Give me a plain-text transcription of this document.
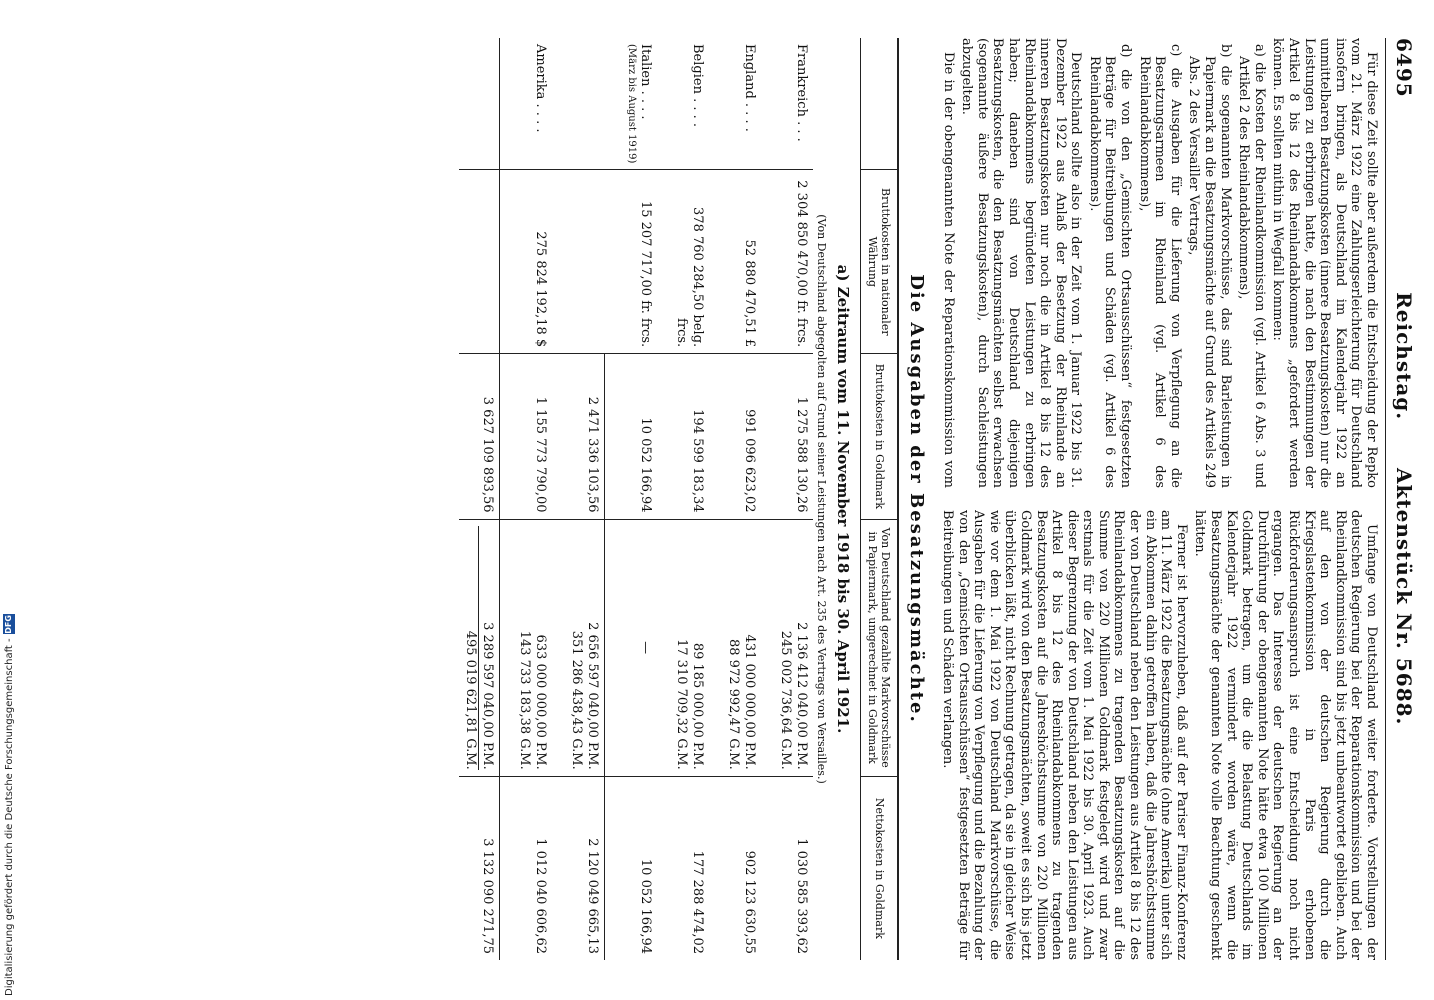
6495
Reichstag.      Aktenstück Nr. 5688.

Für diese Zeit sollte aber außerdem die Entscheidung der Repko vom 21. März 1922 eine Zahlungserleichterung für Deutschland insofern bringen, als Deutschland im Kalenderjahr 1922 an unmittelbaren Besatzungskosten (innere Besatzungskosten) nur die Leistungen zu erbringen hatte, die nach den Bestimmungen der Artikel 8 bis 12 des Rheinlandabkommens „gefordert werden können. Es sollten mithin in Wegfall kommen:

a) die Kosten der Rheinlandkommission (vgl. Artikel 6 Abs. 3 und Artikel 2 des Rheinlandabkommens),

b) die sogenannten Markvorschüsse, das sind Barleistungen in Papiermark an die Besatzungsmächte auf Grund des Artikels 249 Abs. 2 des Versailler Vertrags,

c) die Ausgaben für die Lieferung von Verpflegung an die Besatzungsarmeen im Rheinland (vgl. Artikel 6 des Rheinlandabkommens),

d) die von den „Gemischten Ortsausschüssen“ festgesetzten Beträge für Beitreibungen und Schäden (vgl. Artikel 6 des Rheinlandabkommens).

Deutschland sollte also in der Zeit vom 1. Januar 1922 bis 31. Dezember 1922 aus Anlaß der Besetzung der Rheinlande an inneren Besatzungskosten nur noch die in Artikel 8 bis 12 des Rheinlandabkommens begründeten Leistungen zu erbringen haben; daneben sind von Deutschland diejenigen Besatzungskosten, die den Besatzungsmächten selbst erwachsen (sogenannte äußere Besatzungskosten), durch Sachleistungen abzugelten.

Die in der obengenannten Note der Reparationskommission vom

Umfange von Deutschland weiter forderte. Vorstellungen der deutschen Regierung bei der Reparationskommission und bei der Rheinlandkommission sind bis jetzt unbeantwortet geblieben. Auch auf den von der deutschen Regierung durch die Kriegslastenkommission in Paris erhobenen Rückforderungsanspruch ist eine Entscheidung noch nicht ergangen. Das Interesse der deutschen Regierung an der Durchführung der obengenannten Note hätte etwa 100 Millionen Goldmark betragen, um die die Belastung Deutschlands im Kalenderjahr 1922 vermindert worden wäre, wenn die Besatzungsmächte der genannten Note volle Beachtung geschenkt hätten.

Ferner ist hervorzuheben, daß auf der Pariser Finanz-Konferenz am 11. März 1922 die Besatzungsmächte (ohne Amerika) unter sich ein Abkommen dahin getroffen haben, daß die Jahreshöchstsumme der von Deutschland neben den Leistungen aus Artikel 8 bis 12 des Rheinlandabkommens zu tragenden Besatzungskosten auf die Summe von 220 Millionen Goldmark festgelegt wird und zwar erstmals für die Zeit vom 1. Mai 1922 bis 30. April 1923. Auch dieser Begrenzung der von Deutschland neben den Leistungen aus Artikel 8 bis 12 des Rheinlandabkommens zu tragenden Besatzungskosten auf die Jahreshöchstsumme von 220 Millionen Goldmark wird von den Besatzungsmächten, soweit es sich bis jetzt überblicken läßt, nicht Rechnung getragen, da sie in gleicher Weise wie vor dem 1. Mai 1922 von Deutschland Markvorschüsse, die Ausgaben für die Lieferung von Verpflegung und die Bezahlung der von den „Gemischten Ortsausschüssen“ festgesetzten Beträge für Beitreibungen und Schäden verlangen.

Die Ausgaben der Besatzungsmächte.
	Bruttokosten in nationaler Währung	Bruttokosten in Goldmark	Von Deutschland gezahlte Markvorschüsse in Papiermark, umgerechnet in Goldmark	Nettokosten in Goldmark
a) Zeitraum vom 11. November 1918 bis 30. April 1921.				
(Von Deutschland abgegolten auf Grund seiner Leistungen nach Art. 235 des Vertrags von Versailles.)				
Frankreich . . .	2 304 850 470,00 fr. frcs.	1 275 588 130,26	2 136 412 040,00 P.M.
245 002 736,64 G.M.	1 030 585 393,62
England . . . .	52 880 470,51 £	991 096 623,02	431 000 000,00 P.M.
88 972 992,47 G.M.	902 123 630,55
Belgien . . . .	378 760 284,50 belg. frcs.	194 599 183,34	89 185 000,00 P.M.
17 310 709,32 G.M.	177 288 474,02
Italien . . . .
(März bis August 1919)	15 207 717,00 fr. frcs.	10 052 166,94	—	10 052 166,94
		2 471 336 103,56	2 656 597 040,00 P.M.
351 286 438,43 G.M.	2 120 049 665,13
Amerika . . . .	275 824 192,18 $	1 155 773 790,00	633 000 000,00 P.M.
143 733 183,38 G.M.	1 012 040 606,62
		3 627 109 893,56	3 289 597 040,00 P.M.
495 019 621,81 G.M.	3 132 090 271,75
Digitalisierung gefördert durch die Deutsche Forschungsgemeinschaft -
DFG
